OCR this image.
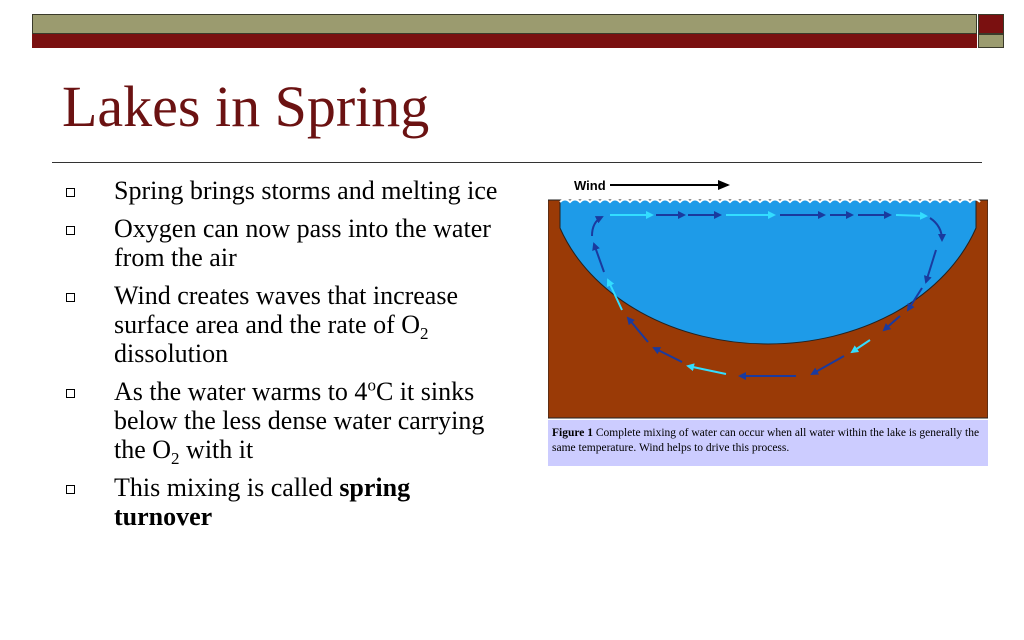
Lakes in Spring
Spring brings storms and melting ice
Oxygen can now pass into the water from the air
Wind creates waves that increase surface area and the rate of $O_2$ dissolution
As the water warms to 4$^o$C it sinks below the less dense water carrying the $O_2$ with it
This mixing is called spring turnover
Wind
Figure 1 Complete mixing of water can occur when all water within the lake is generally the same temperature. Wind helps to drive this process.
